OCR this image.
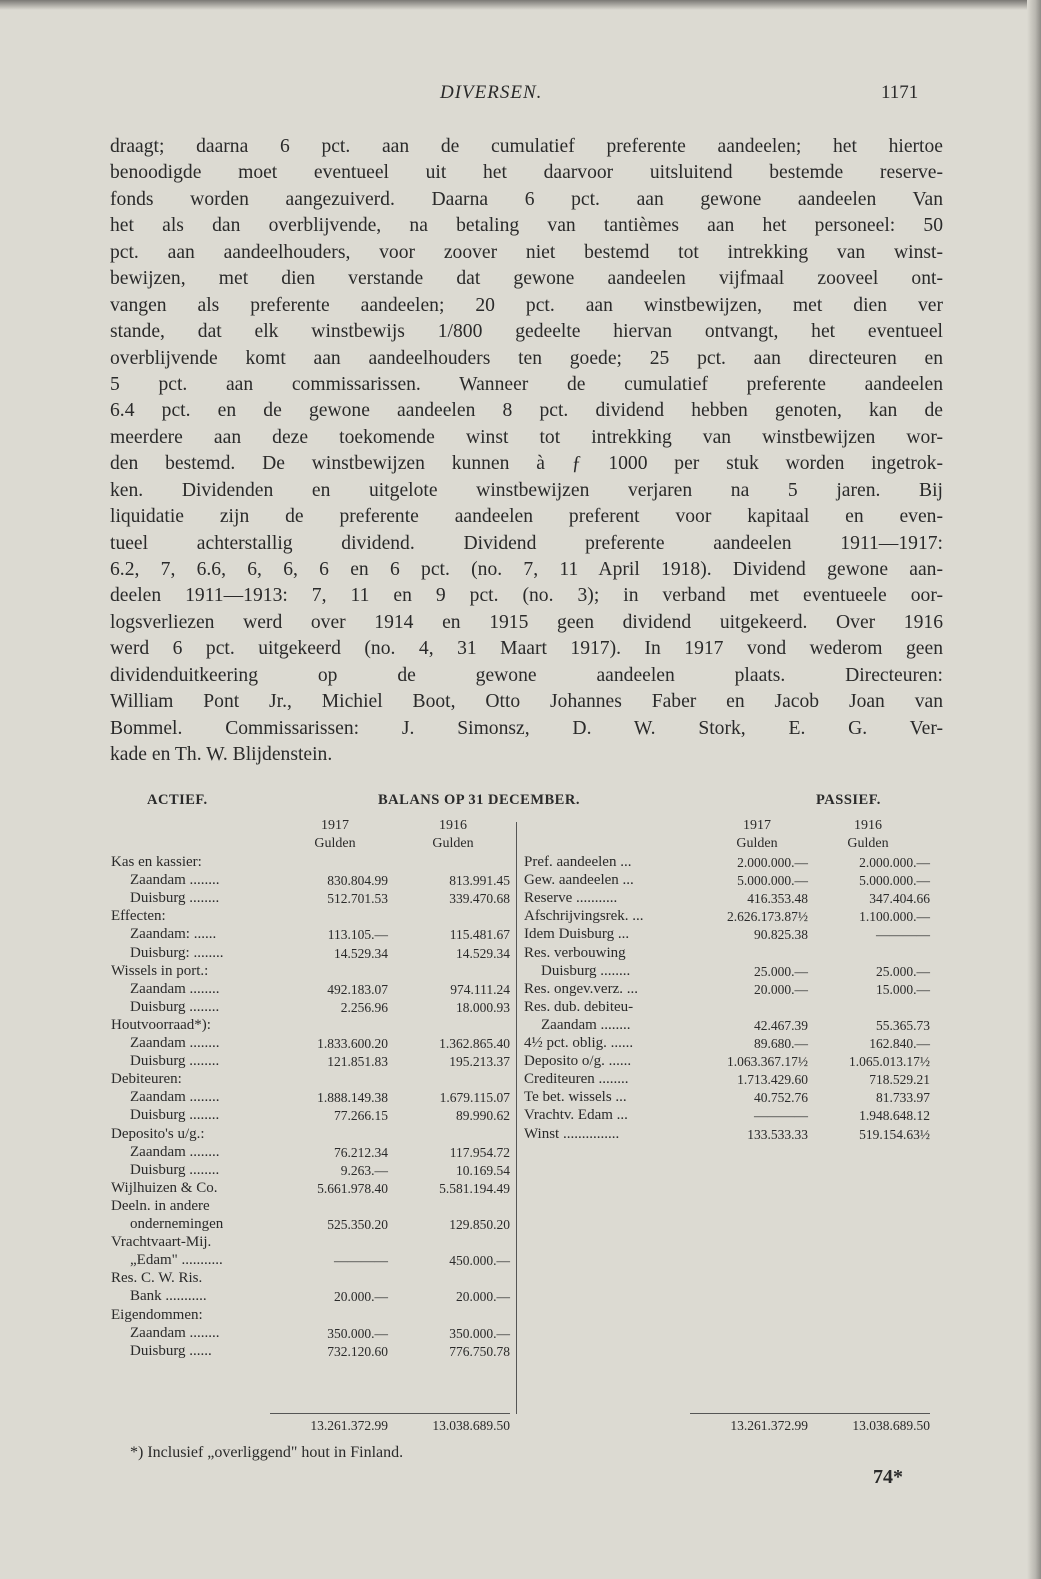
DIVERSEN.	1171
draagt; daarna 6 pct. aan de cumulatief preferente aandeelen; het hiertoe
benoodigde moet eventueel uit het daarvoor uitsluitend bestemde reserve-
fonds worden aangezuiverd. Daarna 6 pct. aan gewone aandeelen Van
het als dan overblijvende, na betaling van tantièmes aan het personeel: 50
pct. aan aandeelhouders, voor zoover niet bestemd tot intrekking van winst-
bewijzen, met dien verstande dat gewone aandeelen vijfmaal zooveel ont-
vangen als preferente aandeelen; 20 pct. aan winstbewijzen, met dien ver
stande, dat elk winstbewijs 1/800 gedeelte hiervan ontvangt, het eventueel
overblijvende komt aan aandeelhouders ten goede; 25 pct. aan directeuren en
5 pct. aan commissarissen. Wanneer de cumulatief preferente aandeelen
6.4 pct. en de gewone aandeelen 8 pct. dividend hebben genoten, kan de
meerdere aan deze toekomende winst tot intrekking van winstbewijzen wor-
den bestemd. De winstbewijzen kunnen à ƒ 1000 per stuk worden ingetrok-
ken. Dividenden en uitgelote winstbewijzen verjaren na 5 jaren. Bij
liquidatie zijn de preferente aandeelen preferent voor kapitaal en even-
tueel achterstallig dividend. Dividend preferente aandeelen 1911—1917:
6.2, 7, 6.6, 6, 6, 6 en 6 pct. (no. 7, 11 April 1918). Dividend gewone aan-
deelen 1911—1913: 7, 11 en 9 pct. (no. 3); in verband met eventueele oor-
logsverliezen werd over 1914 en 1915 geen dividend uitgekeerd. Over 1916
werd 6 pct. uitgekeerd (no. 4, 31 Maart 1917). In 1917 vond wederom geen
dividenduitkeering op de gewone aandeelen plaats. Directeuren:
William Pont Jr., Michiel Boot, Otto Johannes Faber en Jacob Joan van
Bommel. Commissarissen: J. Simonsz, D. W. Stork, E. G. Ver-
kade en Th. W. Blijdenstein.
ACTIEF.	BALANS OP 31 DECEMBER.	PASSIEF.
*) Inclusief „overliggend" hout in Finland.
74*
1917	1916
Gulden	Gulden
1917	1916
Gulden	Gulden
Kas en kassier:
Zaandam ........	830.804.99	813.991.45
Duisburg ........	512.701.53	339.470.68
Effecten:
Zaandam: ......	113.105.—	115.481.67
Duisburg: ........	14.529.34	14.529.34
Wissels in port.:
Zaandam ........	492.183.07	974.111.24
Duisburg ........	2.256.96	18.000.93
Houtvoorraad*):
Zaandam ........	1.833.600.20	1.362.865.40
Duisburg ........	121.851.83	195.213.37
Debiteuren:
Zaandam ........	1.888.149.38	1.679.115.07
Duisburg ........	77.266.15	89.990.62
Deposito's u/g.:
Zaandam ........	76.212.34	117.954.72
Duisburg ........	9.263.—	10.169.54
Wijlhuizen & Co.	5.661.978.40	5.581.194.49
Deeln. in andere
ondernemingen	525.350.20	129.850.20
Vrachtvaart-Mij.
„Edam" ...........	————	450.000.—
Res. C. W. Ris.
Bank ...........	20.000.—	20.000.—
Eigendommen:
Zaandam ........	350.000.—	350.000.—
Duisburg ......	732.120.60	776.750.78
Pref. aandeelen ...	2.000.000.—	2.000.000.—
Gew. aandeelen ...	5.000.000.—	5.000.000.—
Reserve ...........	416.353.48	347.404.66
Afschrijvingsrek. ...	2.626.173.87½	1.100.000.—
Idem Duisburg ...	90.825.38	————
Res. verbouwing
Duisburg ........	25.000.—	25.000.—
Res. ongev.verz. ...	20.000.—	15.000.—
Res. dub. debiteu-
Zaandam ........	42.467.39	55.365.73
4½ pct. oblig. ......	89.680.—	162.840.—
Deposito o/g. ......	1.063.367.17½	1.065.013.17½
Crediteuren ........	1.713.429.60	718.529.21
Te bet. wissels ...	40.752.76	81.733.97
Vrachtv. Edam ...	————	1.948.648.12
Winst ...............	133.533.33	519.154.63½
13.261.372.99	13.038.689.50	13.261.372.99	13.038.689.50
